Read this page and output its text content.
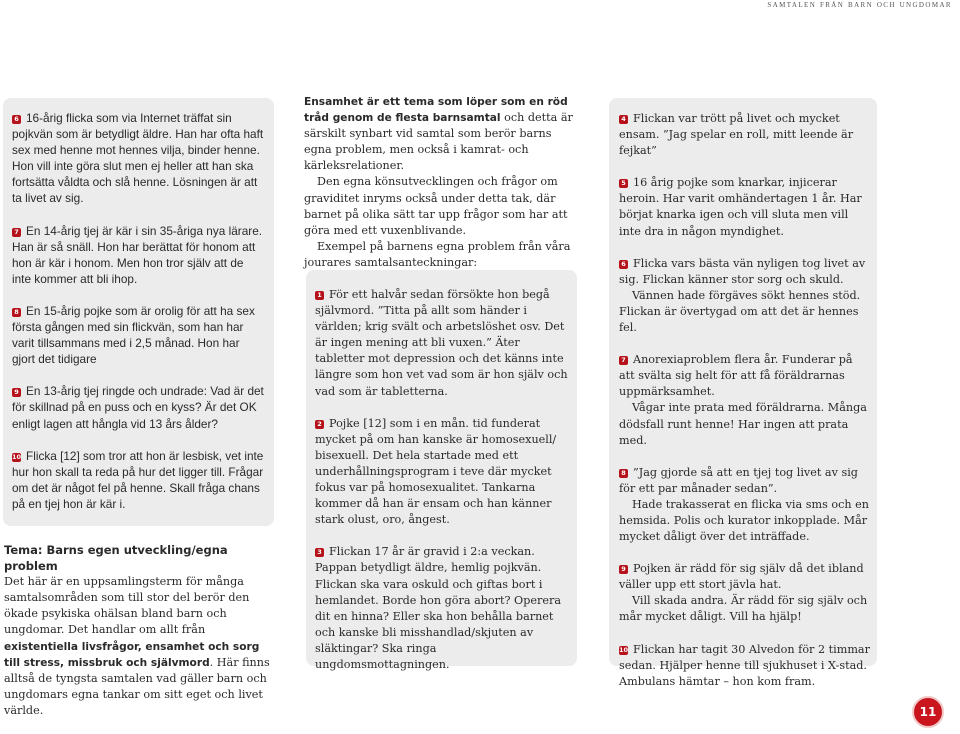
samtalen från barn och ungdomar

6 16-årig flicka som via Internet träffat sin pojkvän som är betydligt äldre. Han har ofta haft sex med henne mot hennes vilja, binder henne. Hon vill inte göra slut men ej heller att han ska fortsätta våldta och slå henne. Lösningen är att ta livet av sig.

7 En 14-årig tjej är kär i sin 35-åriga nya lärare. Han är så snäll. Hon har berättat för honom att hon är kär i honom. Men hon tror själv att de inte kommer att bli ihop.

8 En 15-årig pojke som är orolig för att ha sex första gången med sin flickvän, som han har varit tillsammans med i 2,5 månad. Hon har gjort det tidigare

9 En 13-årig tjej ringde och undrade: Vad är det för skillnad på en puss och en kyss? Är det OK enligt lagen att hångla vid 13 års ålder?

10 Flicka [12] som tror att hon är lesbisk, vet inte hur hon skall ta reda på hur det ligger till. Frågar om det är något fel på henne. Skall fråga chans på en tjej hon är kär i.

Tema: Barns egen utveckling/egna problem

Det här är en uppsamlingsterm för många samtalsområden som till stor del berör den ökade psykiska ohälsan bland barn och ungdomar. Det handlar om allt från existentiella livsfrågor, ensamhet och sorg till stress, missbruk och självmord. Här finns alltså de tyngsta samtalen vad gäller barn och ungdomars egna tankar om sitt eget och livet världe.

Ensamhet är ett tema som löper som en röd tråd genom de flesta barnsamtal och detta är särskilt synbart vid samtal som berör barns egna problem, men också i kamrat- och kärleksrelationer.

Den egna könsutvecklingen och frågor om graviditet inryms också under detta tak, där barnet på olika sätt tar upp frågor som har att göra med ett vuxenblivande.

Exempel på barnens egna problem från våra jourares samtalsanteckningar:

1 För ett halvår sedan försökte hon begå självmord. ”Titta på allt som händer i världen; krig svält och arbetslöshet osv. Det är ingen mening att bli vuxen.” Äter tabletter mot depression och det känns inte längre som hon vet vad som är hon själv och vad som är tabletterna.

2 Pojke [12] som i en mån. tid funderat mycket på om han kanske är homosexuell/ bisexuell. Det hela startade med ett underhållningsprogram i teve där mycket fokus var på homosexualitet. Tankarna kommer då han är ensam och han känner stark olust, oro, ångest.

3 Flickan 17 år är gravid i 2:a veckan. Pappan betydligt äldre, hemlig pojkvän. Flickan ska vara oskuld och giftas bort i hemlandet. Borde hon göra abort? Operera dit en hinna? Eller ska hon behålla barnet och kanske bli misshandlad/skjuten av släktingar? Ska ringa ungdomsmottagningen.

4 Flickan var trött på livet och mycket ensam. ”Jag spelar en roll, mitt leende är fejkat”

5 16 årig pojke som knarkar, injicerar heroin. Har varit omhändertagen 1 år. Har börjat knarka igen och vill sluta men vill inte dra in någon myndighet.

6 Flicka vars bästa vän nyligen tog livet av sig. Flickan känner stor sorg och skuld.
Vännen hade förgäves sökt hennes stöd. Flickan är övertygad om att det är hennes fel.

7 Anorexiaproblem flera år. Funderar på att svälta sig helt för att få föräldrarnas uppmärksamhet.
Vågar inte prata med föräldrarna. Många dödsfall runt henne! Har ingen att prata med.

8 ”Jag gjorde så att en tjej tog livet av sig för ett par månader sedan”.
Hade trakasserat en flicka via sms och en hemsida. Polis och kurator inkopplade. Mår mycket dåligt över det inträffade.

9 Pojken är rädd för sig själv då det ibland väller upp ett stort jävla hat.
Vill skada andra. Är rädd för sig själv och mår mycket dåligt. Vill ha hjälp!

10 Flickan har tagit 30 Alvedon för 2 timmar sedan. Hjälper henne till sjukhuset i X-stad. Ambulans hämtar – hon kom fram.

11
